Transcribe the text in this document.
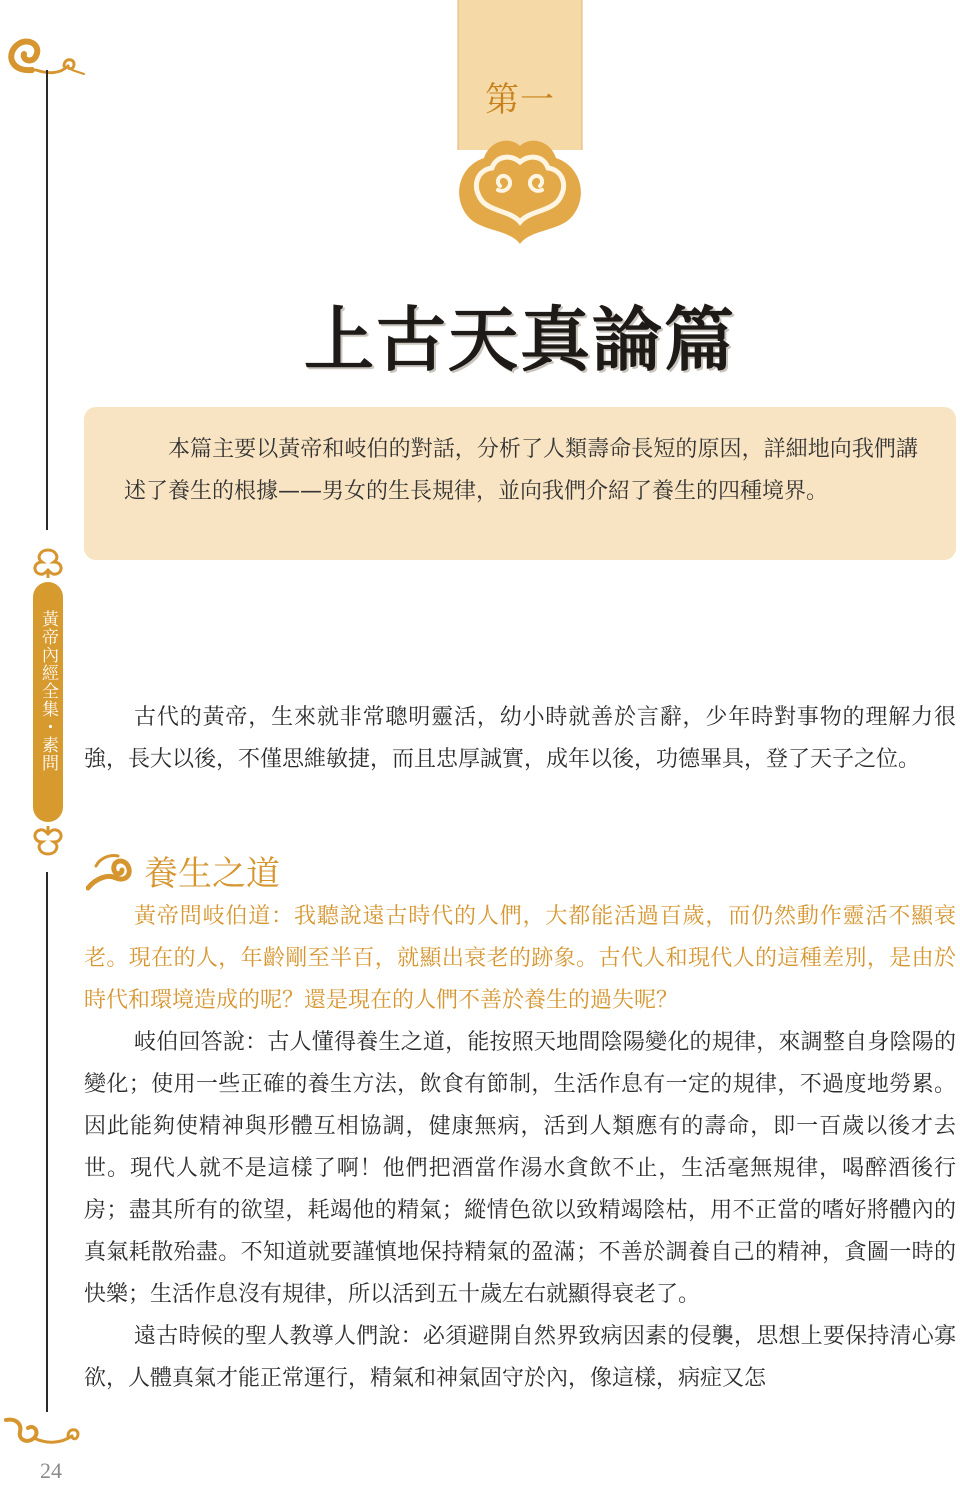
黃帝內經全集・素問
24
第一
上古天真論篇

本篇主要以黃帝和岐伯的對話，分析了人類壽命長短的原因，詳細地向我們講述了養生的根據——男女的生長規律，並向我們介紹了養生的四種境界。

古代的黃帝，生來就非常聰明靈活，幼小時就善於言辭，少年時對事物的理解力很強，長大以後，不僅思維敏捷，而且忠厚誠實，成年以後，功德畢具，登了天子之位。

養生之道

黃帝問岐伯道：我聽說遠古時代的人們，大都能活過百歲，而仍然動作靈活不顯衰老。現在的人，年齡剛至半百，就顯出衰老的跡象。古代人和現代人的這種差別，是由於時代和環境造成的呢？還是現在的人們不善於養生的過失呢？

岐伯回答說：古人懂得養生之道，能按照天地間陰陽變化的規律，來調整自身陰陽的變化；使用一些正確的養生方法，飲食有節制，生活作息有一定的規律，不過度地勞累。因此能夠使精神與形體互相協調，健康無病，活到人類應有的壽命，即一百歲以後才去世。現代人就不是這樣了啊！他們把酒當作湯水貪飲不止，生活毫無規律，喝醉酒後行房；盡其所有的欲望，耗竭他的精氣；縱情色欲以致精竭陰枯，用不正當的嗜好將體內的真氣耗散殆盡。不知道就要謹慎地保持精氣的盈滿；不善於調養自己的精神，貪圖一時的快樂；生活作息沒有規律，所以活到五十歲左右就顯得衰老了。

遠古時候的聖人教導人們說：必須避開自然界致病因素的侵襲，思想上要保持清心寡欲，人體真氣才能正常運行，精氣和神氣固守於內，像這樣，病症又怎
